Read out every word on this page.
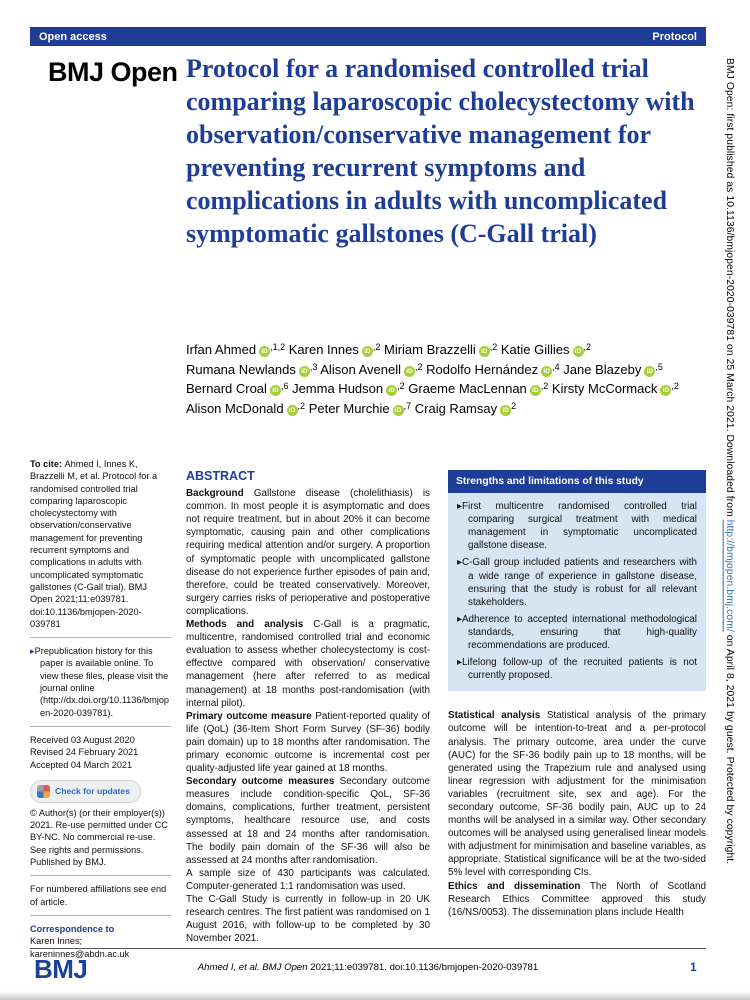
Open access	Protocol
BMJ Open Protocol for a randomised controlled trial comparing laparoscopic cholecystectomy with observation/conservative management for preventing recurrent symptoms and complications in adults with uncomplicated symptomatic gallstones (C-Gall trial)
Irfan Ahmed iD $^{,1,2}$ Karen Innes iD $^{,2}$ Miriam Brazzelli iD $^{,2}$ Katie Gillies iD $^{,2}$ Rumana Newlands iD $^{,3}$ Alison Avenell iD $^{,2}$ Rodolfo Hernández iD $^{,4}$ Jane Blazeby iD $^{,5}$ Bernard Croal iD $^{,6}$ Jemma Hudson iD $^{,2}$ Graeme MacLennan iD $^{,2}$ Kirsty McCormack iD $^{,2}$ Alison McDonald iD $^{,2}$ Peter Murchie iD $^{,7}$ Craig Ramsay iD $^2$
To cite: Ahmed I, Innes K, Brazzelli M, et al. Protocol for a randomised controlled trial comparing laparoscopic cholecystectomy with observation/conservative management for preventing recurrent symptoms and complications in adults with uncomplicated symptomatic gallstones (C-Gall trial). BMJ Open 2021;11:e039781. doi:10.1136/bmjopen-2020-039781
▸ Prepublication history for this paper is available online. To view these files, please visit the journal online (http://dx.doi.org/10.1136/bmjopen-2020-039781).
Received 03 August 2020
Revised 24 February 2021
Accepted 04 March 2021
Check for updates
© Author(s) (or their employer(s)) 2021. Re-use permitted under CC BY-NC. No commercial re-use. See rights and permissions. Published by BMJ.
For numbered affiliations see end of article.
Correspondence to
Karen Innes;
kareninnes@abdn.ac.uk
ABSTRACT

Background Gallstone disease (cholelithiasis) is common. In most people it is asymptomatic and does not require treatment, but in about 20% it can become symptomatic, causing pain and other complications requiring medical attention and/or surgery. A proportion of symptomatic people with uncomplicated gallstone disease do not experience further episodes of pain and, therefore, could be treated conservatively. Moreover, surgery carries risks of perioperative and postoperative complications.

Methods and analysis C-Gall is a pragmatic, multicentre, randomised controlled trial and economic evaluation to assess whether cholecystectomy is cost-effective compared with observation/ conservative management (here after referred to as medical management) at 18 months post-randomisation (with internal pilot).

Primary outcome measure Patient-reported quality of life (QoL) (36-Item Short Form Survey (SF-36) bodily pain domain) up to 18 months after randomisation. The primary economic outcome is incremental cost per quality-adjusted life year gained at 18 months.

Secondary outcome measures Secondary outcome measures include condition-specific QoL, SF-36 domains, complications, further treatment, persistent symptoms, healthcare resource use, and costs assessed at 18 and 24 months after randomisation. The bodily pain domain of the SF-36 will also be assessed at 24 months after randomisation.

A sample size of 430 participants was calculated. Computer-generated 1:1 randomisation was used.

The C-Gall Study is currently in follow-up in 20 UK research centres. The first patient was randomised on 1 August 2016, with follow-up to be completed by 30 November 2021.

Strengths and limitations of this study
▸ First multicentre randomised controlled trial comparing surgical treatment with medical management in symptomatic uncomplicated gallstone disease.
▸ C-Gall group included patients and researchers with a wide range of experience in gallstone disease, ensuring that the study is robust for all relevant stakeholders.
▸ Adherence to accepted international methodological standards, ensuring that high-quality recommendations are produced.
▸ Lifelong follow-up of the recruited patients is not currently proposed.

Statistical analysis Statistical analysis of the primary outcome will be intention-to-treat and a per-protocol analysis. The primary outcome, area under the curve (AUC) for the SF-36 bodily pain up to 18 months, will be generated using the Trapezium rule and analysed using linear regression with adjustment for the minimisation variables (recruitment site, sex and age). For the secondary outcome, SF-36 bodily pain, AUC up to 24 months will be analysed in a similar way. Other secondary outcomes will be analysed using generalised linear models with adjustment for minimisation and baseline variables, as appropriate. Statistical significance will be at the two-sided 5% level with corresponding CIs.

Ethics and dissemination The North of Scotland Research Ethics Committee approved this study (16/NS/0053). The dissemination plans include Health

BMJ Open: first published as 10.1136/bmjopen-2020-039781 on 25 March 2021. Downloaded from http://bmjopen.bmj.com/ on April 8, 2021 by guest. Protected by copyright.
BMJ	Ahmed I, et al. BMJ Open 2021;11:e039781. doi:10.1136/bmjopen-2020-039781	1
